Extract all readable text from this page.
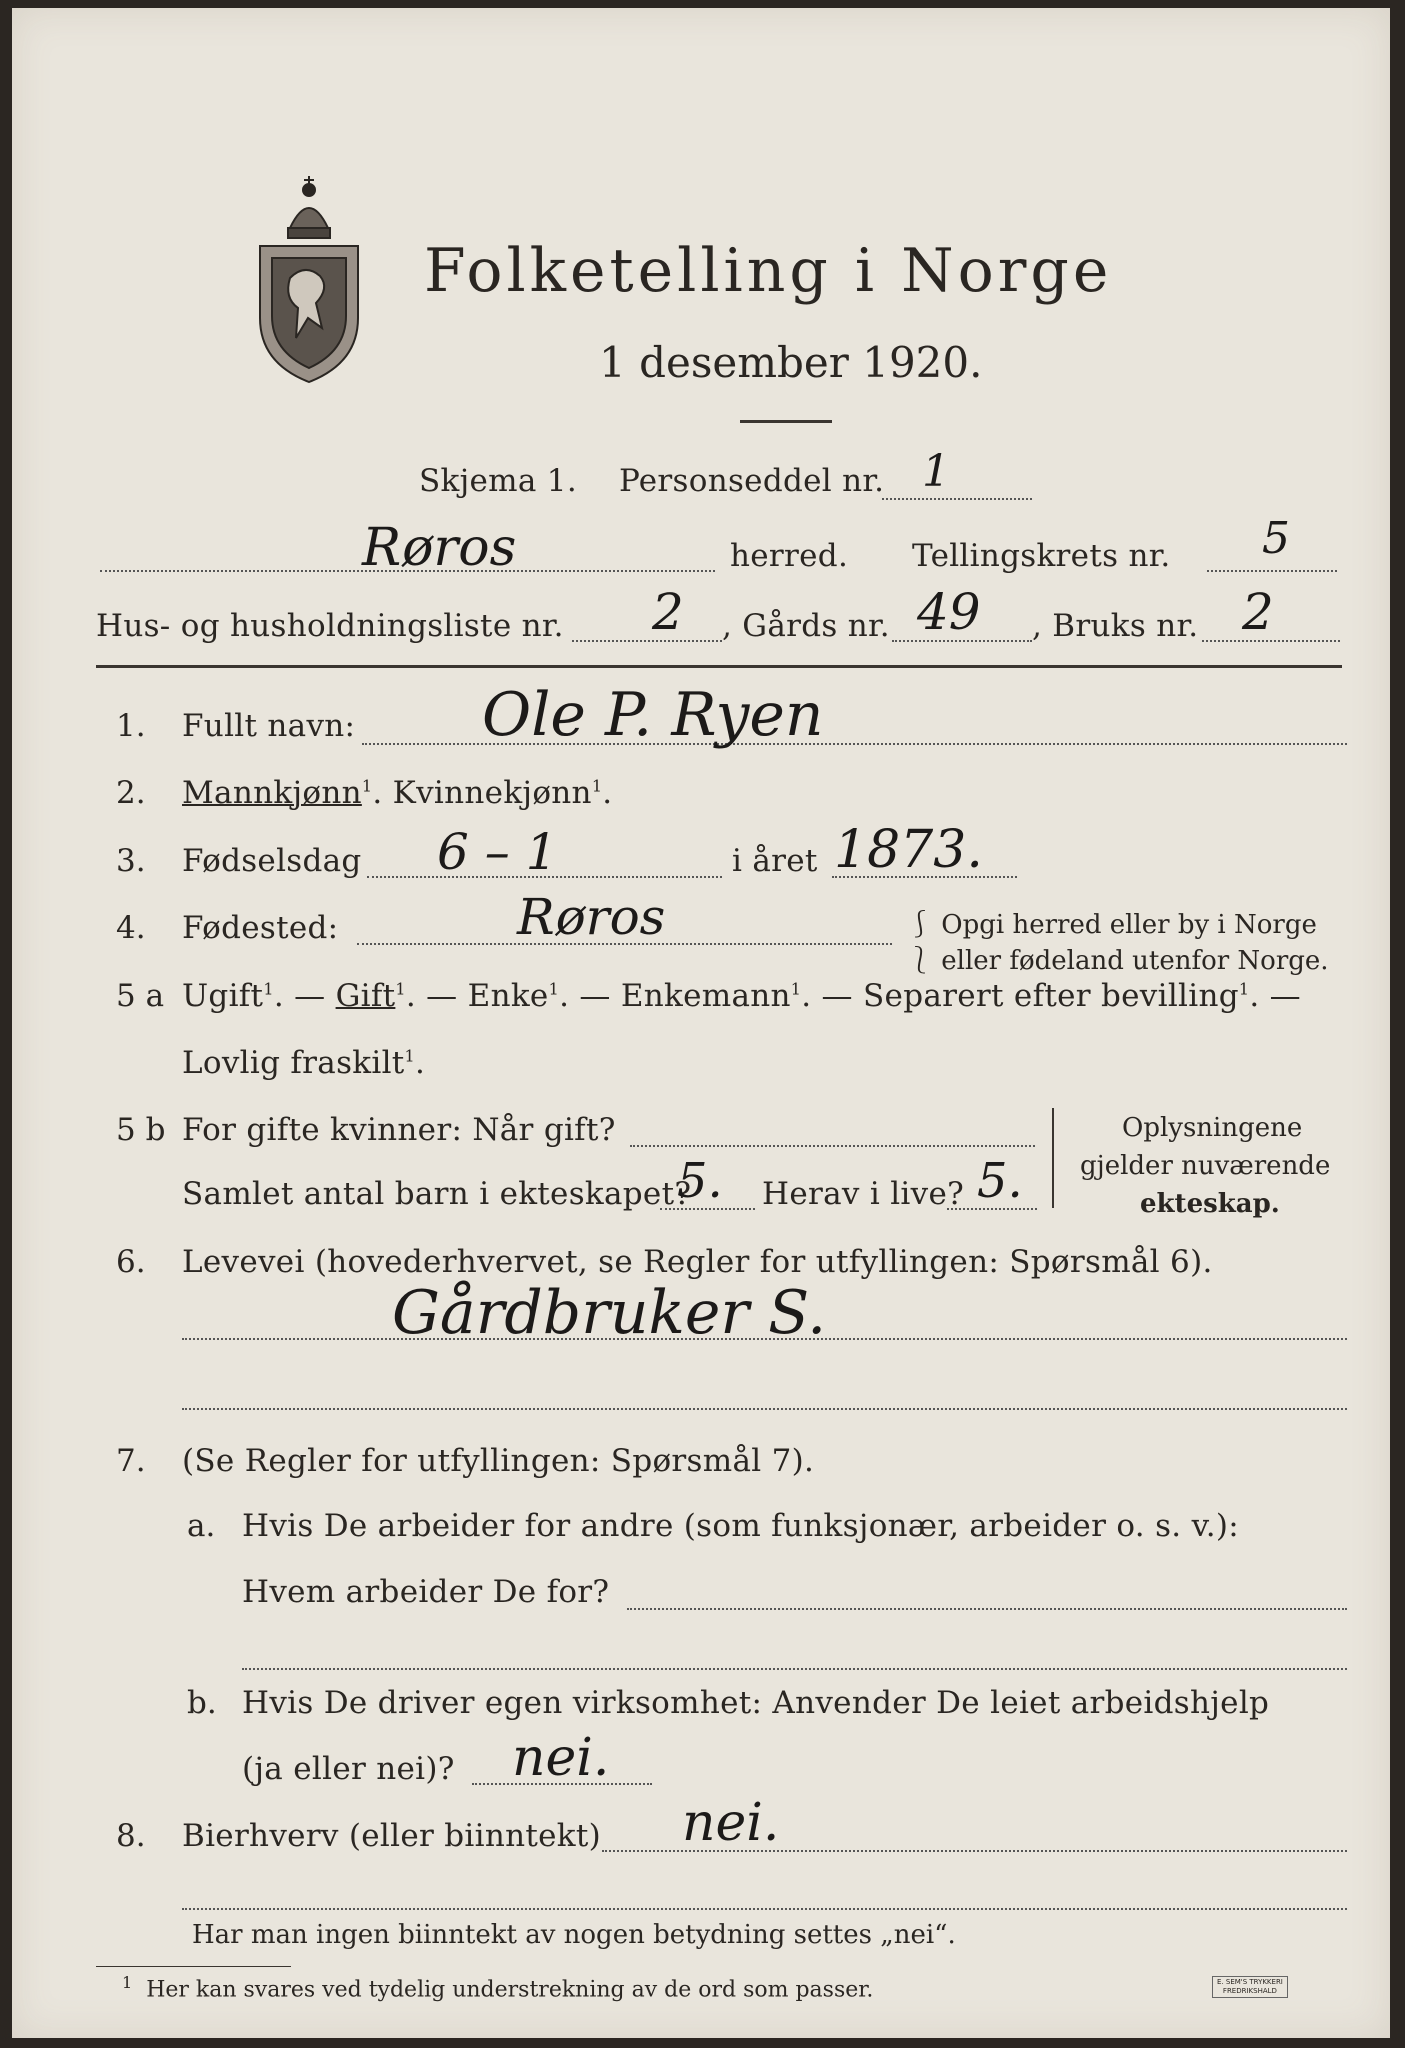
Folketelling i Norge
1 desember 1920.
Skjema 1. Personseddel nr. 1
Røros	herred. Tellingskrets nr. 5
Hus- og husholdningsliste nr. 2 , Gårds nr. 49 , Bruks nr. 2
1. Fullt navn: Ole P. Ryen
2. Mannkjønn$^1$. Kvinnekjønn$^1$.
3. Fødselsdag 6 – 1	i året 1873.
4. Fødested:	Røros	⎰ Opgi herred eller by i Norge
⎱ eller fødeland utenfor Norge.
5 a Ugift$^1$. — Gift$^1$. — Enke$^1$. — Enkemann$^1$. — Separert efter bevilling$^1$. —
Lovlig fraskilt$^1$.
5 b For gifte kvinner: Når gift?
Samlet antal barn i ekteskapet?
5. Herav i live? 5.
Oplysningene
gjelder nuværende
ekteskap.
6. Levevei (hovederhvervet, se Regler for utfyllingen: Spørsmål 6).
Gårdbruker S.
7. (Se Regler for utfyllingen: Spørsmål 7).
a. Hvis De arbeider for andre (som funksjonær, arbeider o. s. v.):
Hvem arbeider De for?
b. Hvis De driver egen virksomhet: Anvender De leiet arbeidshjelp
(ja eller nei)? nei.
8. Bierhverv (eller biinntekt) nei.
Har man ingen biinntekt av nogen betydning settes „nei“.
$^1$ Her kan svares ved tydelig understrekning av de ord som passer.	E. SEM'S TRYKKERI
FREDRIKSHALD
